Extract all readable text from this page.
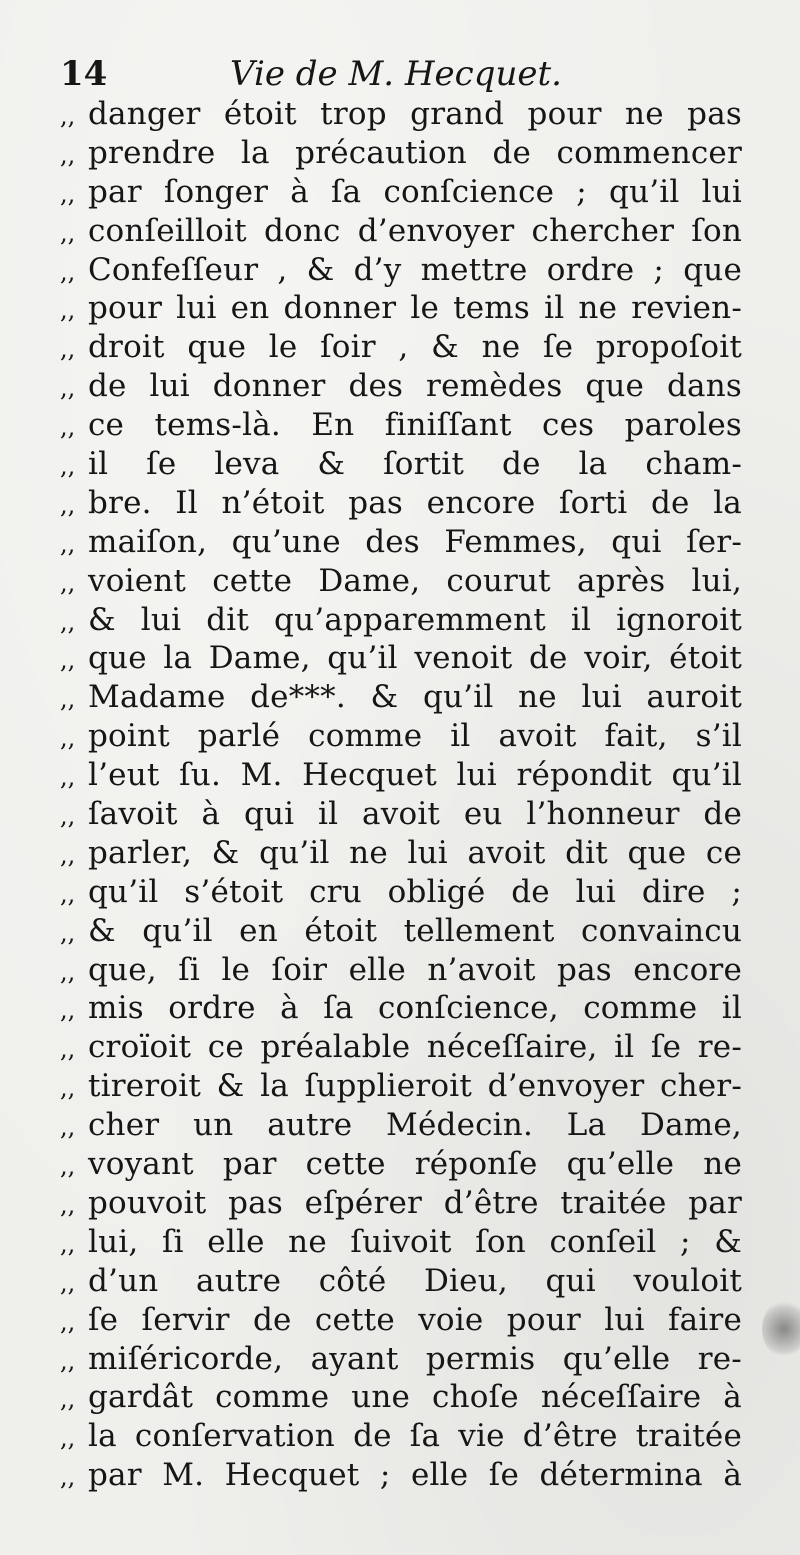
14	Vie de M. Hecquet.
,, danger étoit trop grand pour ne pas
,, prendre la précaution de commencer
,, par ſonger à ſa conſcience ; qu’il lui
,, conſeilloit donc d’envoyer chercher ſon
,, Confeſſeur , & d’y mettre ordre ; que
,, pour lui en donner le tems il ne revien-
,, droit que le ſoir , & ne ſe propoſoit
,, de lui donner des remèdes que dans
,, ce tems-là. En finiſſant ces paroles
,, il ſe leva & ſortit de la cham-
,, bre. Il n’étoit pas encore ſorti de la
,, maiſon, qu’une des Femmes, qui ſer-
,, voient cette Dame, courut après lui,
,, & lui dit qu’apparemment il ignoroit
,, que la Dame, qu’il venoit de voir, étoit
,, Madame de***. & qu’il ne lui auroit
,, point parlé comme il avoit fait, s’il
,, l’eut ſu. M. Hecquet lui répondit qu’il
,, ſavoit à qui il avoit eu l’honneur de
,, parler, & qu’il ne lui avoit dit que ce
,, qu’il s’étoit cru obligé de lui dire ;
,, & qu’il en étoit tellement convaincu
,, que, ſi le ſoir elle n’avoit pas encore
,, mis ordre à ſa conſcience, comme il
,, croïoit ce préalable néceſſaire, il ſe re-
,, tireroit & la ſupplieroit d’envoyer cher-
,, cher un autre Médecin. La Dame,
,, voyant par cette réponſe qu’elle ne
,, pouvoit pas eſpérer d’être traitée par
,, lui, ſi elle ne ſuivoit ſon conſeil ; &
,, d’un autre côté Dieu, qui vouloit
,, ſe ſervir de cette voie pour lui faire
,, miſéricorde, ayant permis qu’elle re-
,, gardât comme une choſe néceſſaire à
,, la conſervation de ſa vie d’être traitée
,, par M. Hecquet ; elle ſe détermina à
